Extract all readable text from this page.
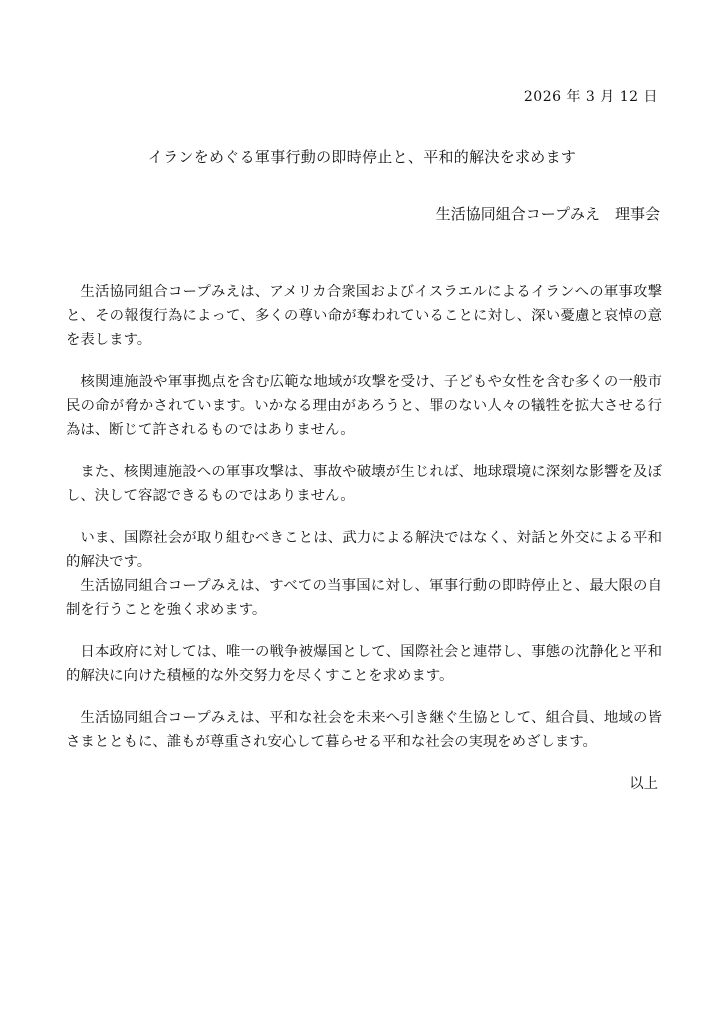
2026 年 3 月 12 日
イランをめぐる軍事行動の即時停止と、平和的解決を求めます
生活協同組合コープみえ　理事会

生活協同組合コープみえは、アメリカ合衆国およびイスラエルによるイランへの軍事攻撃と、その報復行為によって、多くの尊い命が奪われていることに対し、深い憂慮と哀悼の意を表します。

核関連施設や軍事拠点を含む広範な地域が攻撃を受け、子どもや女性を含む多くの一般市民の命が脅かされています。いかなる理由があろうと、罪のない人々の犠牲を拡大させる行為は、断じて許されるものではありません。

また、核関連施設への軍事攻撃は、事故や破壊が生じれば、地球環境に深刻な影響を及ぼし、決して容認できるものではありません。

いま、国際社会が取り組むべきことは、武力による解決ではなく、対話と外交による平和的解決です。

生活協同組合コープみえは、すべての当事国に対し、軍事行動の即時停止と、最大限の自制を行うことを強く求めます。

日本政府に対しては、唯一の戦争被爆国として、国際社会と連帯し、事態の沈静化と平和的解決に向けた積極的な外交努力を尽くすことを求めます。

生活協同組合コープみえは、平和な社会を未来へ引き継ぐ生協として、組合員、地域の皆さまとともに、誰もが尊重され安心して暮らせる平和な社会の実現をめざします。

以上
